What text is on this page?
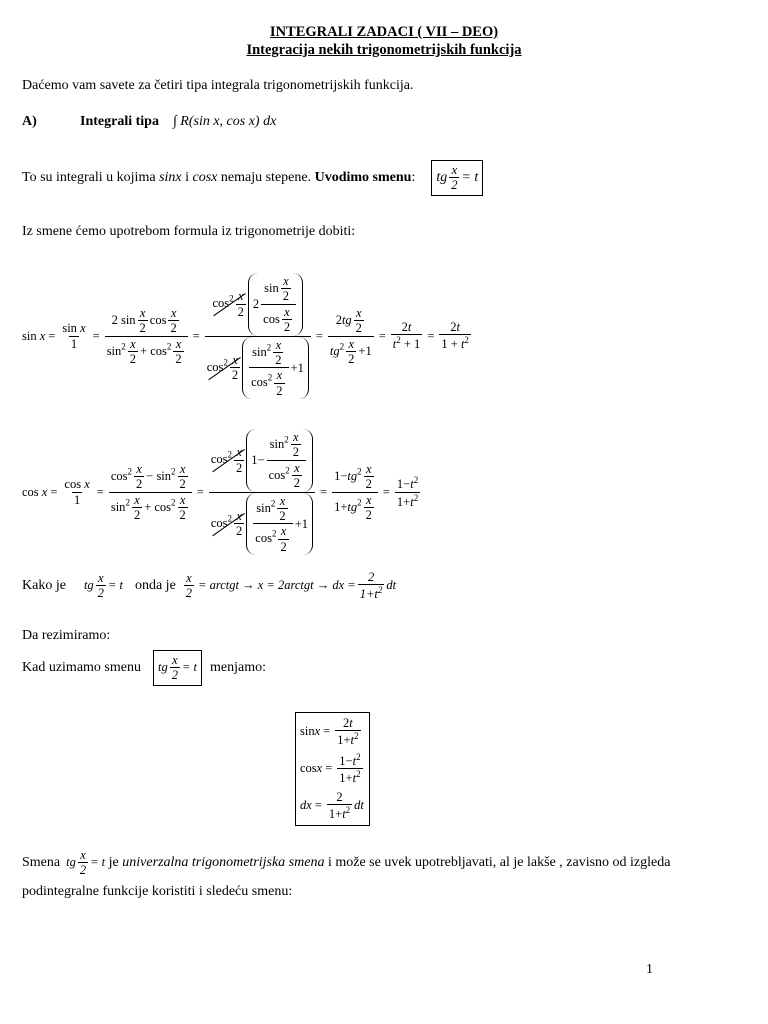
INTEGRALI ZADACI ( VII – DEO)
Integracija nekih trigonometrijskih funkcija
Daćemo vam savete za četiri tipa integrala trigonometrijskih funkcija.
A)	Integrali tipa ∫ R(sin x, cos x) dx
To su integrali u kojima sinx i cosx nemaju stepene. Uvodimo smenu :	tg $\frac{x}{2} = t$
Iz smene ćemo upotrebom formula iz trigonometrije dobiti:
$\sin x = \frac{\text{sin x}}{1} = \frac{2 \sin \frac{x}{2} \cos \frac{x}{2}}{\sin^2 \frac{x}{2} + \cos^2 \frac{x}{2}} = \frac{\cos^2 \frac{x}{2} 2 \frac{\sin \frac{x}{2}}{\cos \frac{x}{2}}}{\cos^2 \frac{x}{2} \frac{\sin^2 \frac{x}{2}}{\cos^2 \frac{x}{2}} +1} = \frac{2tg \frac{x}{2}}{tg^2 \frac{x}{2} +1} = \frac{2t}{t^2 + 1} = \frac{2t}{1 + t^2}$
$\cos x = \frac{\text{cos x}}{1} = \frac{\cos^2 \frac{x}{2} - \sin^2 \frac{x}{2}}{\sin^2 \frac{x}{2} + \cos^2 \frac{x}{2}} = \frac{\cos^2 \frac{x}{2} 1- \frac{\sin^2 \frac{x}{2}}{\cos^2 \frac{x}{2}}}{\cos^2 \frac{x}{2} \frac{\sin^2 \frac{x}{2}}{\cos^2 \frac{x}{2}} +1} = \frac{1-tg^2 \frac{x}{2}}{1+tg^2 \frac{x}{2}} = \frac{1-t^2}{1+t^2}$
Kako je tg $\frac{x}{2} = t$ onda je $\frac{x}{2}$ = arctgt → x = 2arctgt → dx = $\frac{2}{1+t^2}$ dt
Da rezimiramo:
Kad uzimamo smenu	tg $\frac{x}{2} = t$ menjamo:
$\sin x = \frac{2t}{1+t^2}$
$\cos x = \frac{1-t^2}{1+t^2}$
dx = $\frac{2}{1+t^2}$ dt
Smena tg $\frac{x}{2} = t$ je univerzalna trigonometrijska smena i može se uvek upotrebljavati, al je lakše , zavisno od izgleda
podintegralne funkcije koristiti i sledeću smenu:
1
